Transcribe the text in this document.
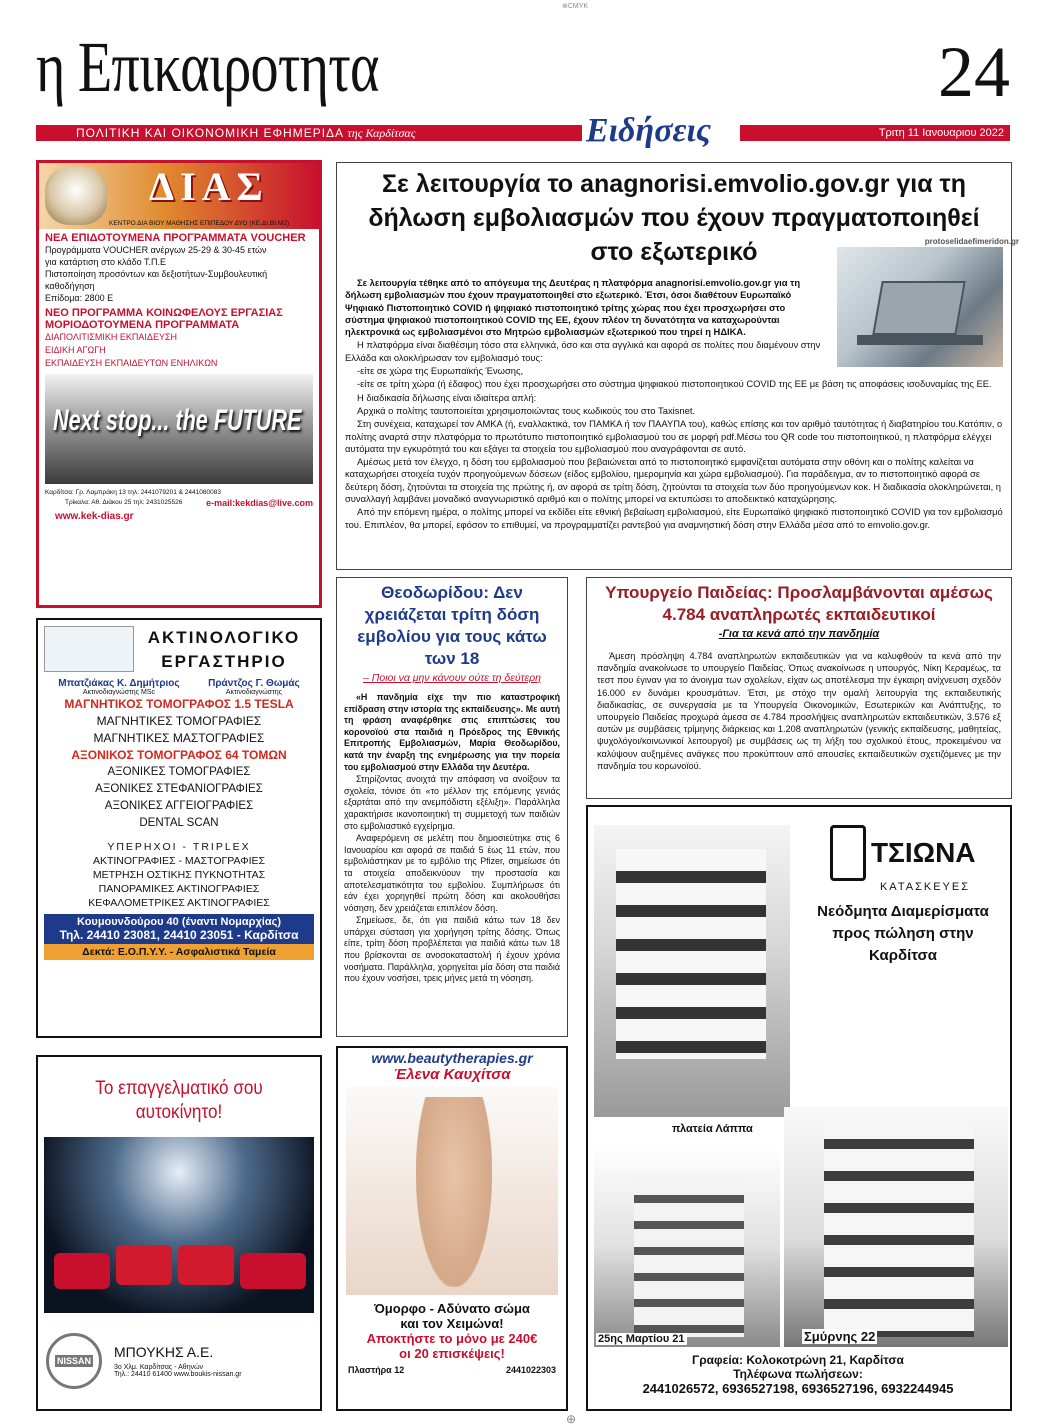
⊕CMYK
η Επικαιροτητα	24
ΠΟΛΙΤΙΚΗ ΚΑΙ ΟΙΚΟΝΟΜΙΚΗ ΕΦΗΜΕΡΙΔΑ της Καρδίτσας	Ειδήσεις	Τριτη 11 Ιανουαριου 2022
Σε λειτουργία το anagnorisi.emvolio.gov.gr για τη δήλωση εμβολιασμών που έχουν πραγματοποιηθεί στο εξωτερικό	protoselidaefimeridon.gr

Σε λειτουργία τέθηκε από το απόγευμα της Δευτέρας η πλατφόρμα anagnorisi.emvolio.gov.gr για τη δήλωση εμβολιασμών που έχουν πραγματοποιηθεί στο εξωτερικό. Έτσι, όσοι διαθέτουν Ευρωπαϊκό Ψηφιακό Πιστοποιητικό COVID ή ψηφιακό πιστοποιητικό τρίτης χώρας που έχει προσχωρήσει στο σύστημα ψηφιακού πιστοποιητικού COVID της ΕΕ, έχουν πλέον τη δυνατότητα να καταχωρούνται ηλεκτρονικά ως εμβολιασμένοι στο Μητρώο εμβολιασμών εξωτερικού που τηρεί η ΗΔΙΚΑ.

Η πλατφόρμα είναι διαθέσιμη τόσο στα ελληνικά, όσο και στα αγγλικά και αφορά σε πολίτες που διαμένουν στην Ελλάδα και ολοκλήρωσαν τον εμβολιασμό τους:

-είτε σε χώρα της Ευρωπαϊκής Ένωσης,

-είτε σε τρίτη χώρα (ή έδαφος) που έχει προσχωρήσει στο σύστημα ψηφιακού πιστοποιητικού COVID της ΕΕ με βάση τις αποφάσεις ισοδυναμίας της ΕΕ.

Η διαδικασία δήλωσης είναι ιδιαίτερα απλή:

Αρχικά ο πολίτης ταυτοποιείται χρησιμοποιώντας τους κωδικούς του στο Taxisnet.

Στη συνέχεια, καταχωρεί τον ΑΜΚΑ (ή, εναλλακτικά, τον ΠΑΜΚΑ ή τον ΠΑΑΥΠΑ του), καθώς επίσης και τον αριθμό ταυτότητας ή διαβατηρίου του.Κατόπιν, ο πολίτης αναρτά στην πλατφόρμα το πρωτότυπο πιστοποιητικό εμβολιασμού του σε μορφή pdf.Μέσω του QR code του πιστοποιητικού, η πλατφόρμα ελέγχει αυτόματα την εγκυρότητά του και εξάγει τα στοιχεία του εμβολιασμού που αναγράφονται σε αυτό.

Αμέσως μετά τον έλεγχο, η δόση του εμβολιασμού που βεβαιώνεται από το πιστοποιητικό εμφανίζεται αυτόματα στην οθόνη και ο πολίτης καλείται να καταχωρήσει στοιχεία τυχόν προηγούμενων δόσεων (είδος εμβολίου, ημερομηνία και χώρα εμβολιασμού). Για παράδειγμα, αν το πιστοποιητικό αφορά σε δεύτερη δόση, ζητούνται τα στοιχεία της πρώτης ή, αν αφορά σε τρίτη δόση, ζητούνται τα στοιχεία των δύο προηγούμενων κοκ. Η διαδικασία ολοκληρώνεται, η συναλλαγή λαμβάνει μοναδικό αναγνωριστικό αριθμό και ο πολίτης μπορεί να εκτυπώσει το αποδεικτικό καταχώρησης.

Από την επόμενη ημέρα, ο πολίτης μπορεί να εκδίδει είτε εθνική βεβαίωση εμβολιασμού, είτε Ευρωπαϊκό ψηφιακό πιστοποιητικό COVID για τον εμβολιασμό του. Επιπλέον, θα μπορεί, εφόσον το επιθυμεί, να προγραμματίζει ραντεβού για αναμνηστική δόση στην Ελλάδα μέσα από το emvolio.gov.gr.

Θεοδωρίδου: Δεν χρειάζεται τρίτη δόση εμβολίου για τους κάτω των 18
– Ποιοι να μην κάνουν ούτε τη δεύτερη

«Η πανδημία είχε την πιο καταστροφική επίδραση στην ιστορία της εκπαίδευσης». Με αυτή τη φράση αναφέρθηκε στις επιπτώσεις του κορονοϊού στα παιδιά η Πρόεδρος της Εθνικής Επιτροπής Εμβολιασμών, Μαρία Θεοδωρίδου, κατά την έναρξη της ενημέρωσης για την πορεία του εμβολιασμού στην Ελλάδα την Δευτέρα.

Στηρίζοντας ανοιχτά την απόφαση να ανοίξουν τα σχολεία, τόνισε ότι «το μέλλον της επόμενης γενιάς εξαρτάται από την ανεμπόδιστη εξέλιξη». Παράλληλα χαρακτήρισε ικανοποιητική τη συμμετοχή των παιδιών στο εμβολιαστικό εγχείρημα.

Αναφερόμενη σε μελέτη που δημοσιεύτηκε στις 6 Ιανουαρίου και αφορά σε παιδιά 5 έως 11 ετών, που εμβολιάστηκαν με το εμβόλιο της Pfizer, σημείωσε ότι τα στοιχεία αποδεικνύουν την προστασία και αποτελεσματικότητα του εμβολίου. Συμπλήρωσε ότι εάν έχει χορηγηθεί πρώτη δόση και ακολουθήσει νόσηση, δεν χρειάζεται επιπλέον δόση.

Σημείωσε, δε, ότι για παιδιά κάτω των 18 δεν υπάρχει σύσταση για χορήγηση τρίτης δόσης. Όπως είπε, τρίτη δόση προβλέπεται για παιδιά κάτω των 18 που βρίσκονται σε ανοσοκαταστολή ή έχουν χρόνια νοσήματα. Παράλληλα, χορηγείται μία δόση στα παιδιά που έχουν νοσήσει, τρεις μήνες μετά τη νόσηση.

Υπουργείο Παιδείας: Προσλαμβάνονται αμέσως 4.784 αναπληρωτές εκπαιδευτικοί
-Για τα κενά από την πανδημία

Άμεση πρόσληψη 4.784 αναπληρωτών εκπαιδευτικών για να καλυφθούν τα κενά από την πανδημία ανακοίνωσε το υπουργείο Παιδείας. Όπως ανακοίνωσε η υπουργός, Νίκη Κεραμέως, τα τεστ που έγιναν για το άνοιγμα των σχολείων, είχαν ως αποτέλεσμα την έγκαιρη ανίχνευση σχεδόν 16.000 εν δυνάμει κρουσμάτων. Έτσι, με στόχο την ομαλή λειτουργία της εκπαιδευτικής διαδικασίας, σε συνεργασία με τα Υπουργεία Οικονομικών, Εσωτερικών και Ανάπτυξης, το υπουργείο Παιδείας προχωρά άμεσα σε 4.784 προσλήψεις αναπληρωτών εκπαιδευτικών, 3.576 εξ αυτών με συμβάσεις τρίμηνης διάρκειας και 1.208 αναπληρωτών (γενικής εκπαίδευσης, μαθητείας, ψυχολόγοι/κοινωνικοί λειτουργοί) με συμβάσεις ως τη λήξη του σχολικού έτους, προκειμένου να καλύψουν αυξημένες ανάγκες που προκύπτουν από απουσίες εκπαιδευτικών σχετιζόμενες με την πανδημία του κορωνοϊού.

ΔΙΑΣ
ΚΕΝΤΡΟ ΔΙΑ ΒΙΟΥ ΜΑΘΗΣΗΣ ΕΠΙΠΕΔΟΥ ΔΥΟ (ΚΕ.ΔΙ.ΒΙ.Μ2)
ΝΕΑ ΕΠΙΔΟΤΟΥΜΕΝΑ ΠΡΟΓΡΑΜΜΑΤΑ VOUCHER
Προγράμματα VOUCHER ανέργων 25-29 & 30-45 ετών
για κατάρτιση στο κλάδο Τ.Π.Ε
Πιστοποίηση προσόντων και δεξιοτήτων-Συμβουλευτική
καθοδήγηση
Επίδομα: 2800 Ε
ΝΕΟ ΠΡΟΓΡΑΜΜΑ ΚΟΙΝΩΦΕΛΟΥΣ ΕΡΓΑΣΙΑΣ
ΜΟΡΙΟΔΟΤΟΥΜΕΝΑ ΠΡΟΓΡΑΜΜΑΤΑ
ΔΙΑΠΟΛΙΤΙΣΜΙΚΗ ΕΚΠΑΙΔΕΥΣΗ
ΕΙΔΙΚΗ ΑΓΩΓΗ
ΕΚΠΑΙΔΕΥΣΗ ΕΚΠΑΙΔΕΥΤΩΝ ΕΝΗΛΙΚΩΝ
Next stop... the FUTURE
Καρδίτσα: Γρ. Λαμπράκη 13 τηλ: 2441079201 & 2441080083
Τρίκαλα: Αθ. Διάκου 25 τηλ: 2431025526	e-mail:kekdias@live.com
www.kek-dias.gr
ΑΚΤΙΝΟΛΟΓΙΚΟ
ΕΡΓΑΣΤΗΡΙΟ
Μπατζιάκας Κ. Δημήτριος
Ακτινοδιαγνώστης MSc
Πράντζος Γ. Θωμάς
Ακτινοδιαγνώστης
ΜΑΓΝΗΤΙΚΟΣ ΤΟΜΟΓΡΑΦΟΣ 1.5 TESLA
ΜΑΓΝΗΤΙΚΕΣ ΤΟΜΟΓΡΑΦΙΕΣ
ΜΑΓΝΗΤΙΚΕΣ ΜΑΣΤΟΓΡΑΦΙΕΣ
ΑΞΟΝΙΚΟΣ ΤΟΜΟΓΡΑΦΟΣ 64 ΤΟΜΩΝ
ΑΞΟΝΙΚΕΣ ΤΟΜΟΓΡΑΦΙΕΣ
ΑΞΟΝΙΚΕΣ ΣΤΕΦΑΝΙΟΓΡΑΦΙΕΣ
ΑΞΟΝΙΚΕΣ ΑΓΓΕΙΟΓΡΑΦΙΕΣ
DENTAL SCAN
ΥΠΕΡΗΧΟΙ - TRIPLEX
ΑΚΤΙΝΟΓΡΑΦΙΕΣ - ΜΑΣΤΟΓΡΑΦΙΕΣ
ΜΕΤΡΗΣΗ ΟΣΤΙΚΗΣ ΠΥΚΝΟΤΗΤΑΣ
ΠΑΝΟΡΑΜΙΚΕΣ ΑΚΤΙΝΟΓΡΑΦΙΕΣ
ΚΕΦΑΛΟΜΕΤΡΙΚΕΣ ΑΚΤΙΝΟΓΡΑΦΙΕΣ
Κουμουνδούρου 40 (έναντι Νομαρχίας)
Τηλ. 24410 23081, 24410 23051 - Καρδίτσα
Δεκτά: Ε.Ο.Π.Υ.Υ. - Ασφαλιστικά Ταμεία
Το επαγγελματικό σου αυτοκίνητο!
NISSAN
ΜΠΟΥΚΗΣ Α.Ε.
3ο Χλμ. Καρδίτσας - Αθηνών
Τηλ.: 24410 61400 www.boukis-nissan.gr
www.beautytherapies.gr
Έλενα Καυχίτσα
Όμορφο - Αδύνατο σώμα
και τον Χειμώνα!
Αποκτήστε το μόνο με 240€
οι 20 επισκέψεις!
Πλαστήρα 12	2441022303
ΤΣΙΩΝΑ
ΚΑΤΑΣΚΕΥΕΣ
Νεόδμητα Διαμερίσματα
προς πώληση στην
Καρδίτσα
πλατεία Λάππα
25ης Μαρτίου 21	Σμύρνης 22
Γραφεία: Κολοκοτρώνη 21, Καρδίτσα
Τηλέφωνα πωλήσεων:
2441026572, 6936527198, 6936527196, 6932244945
⊕
